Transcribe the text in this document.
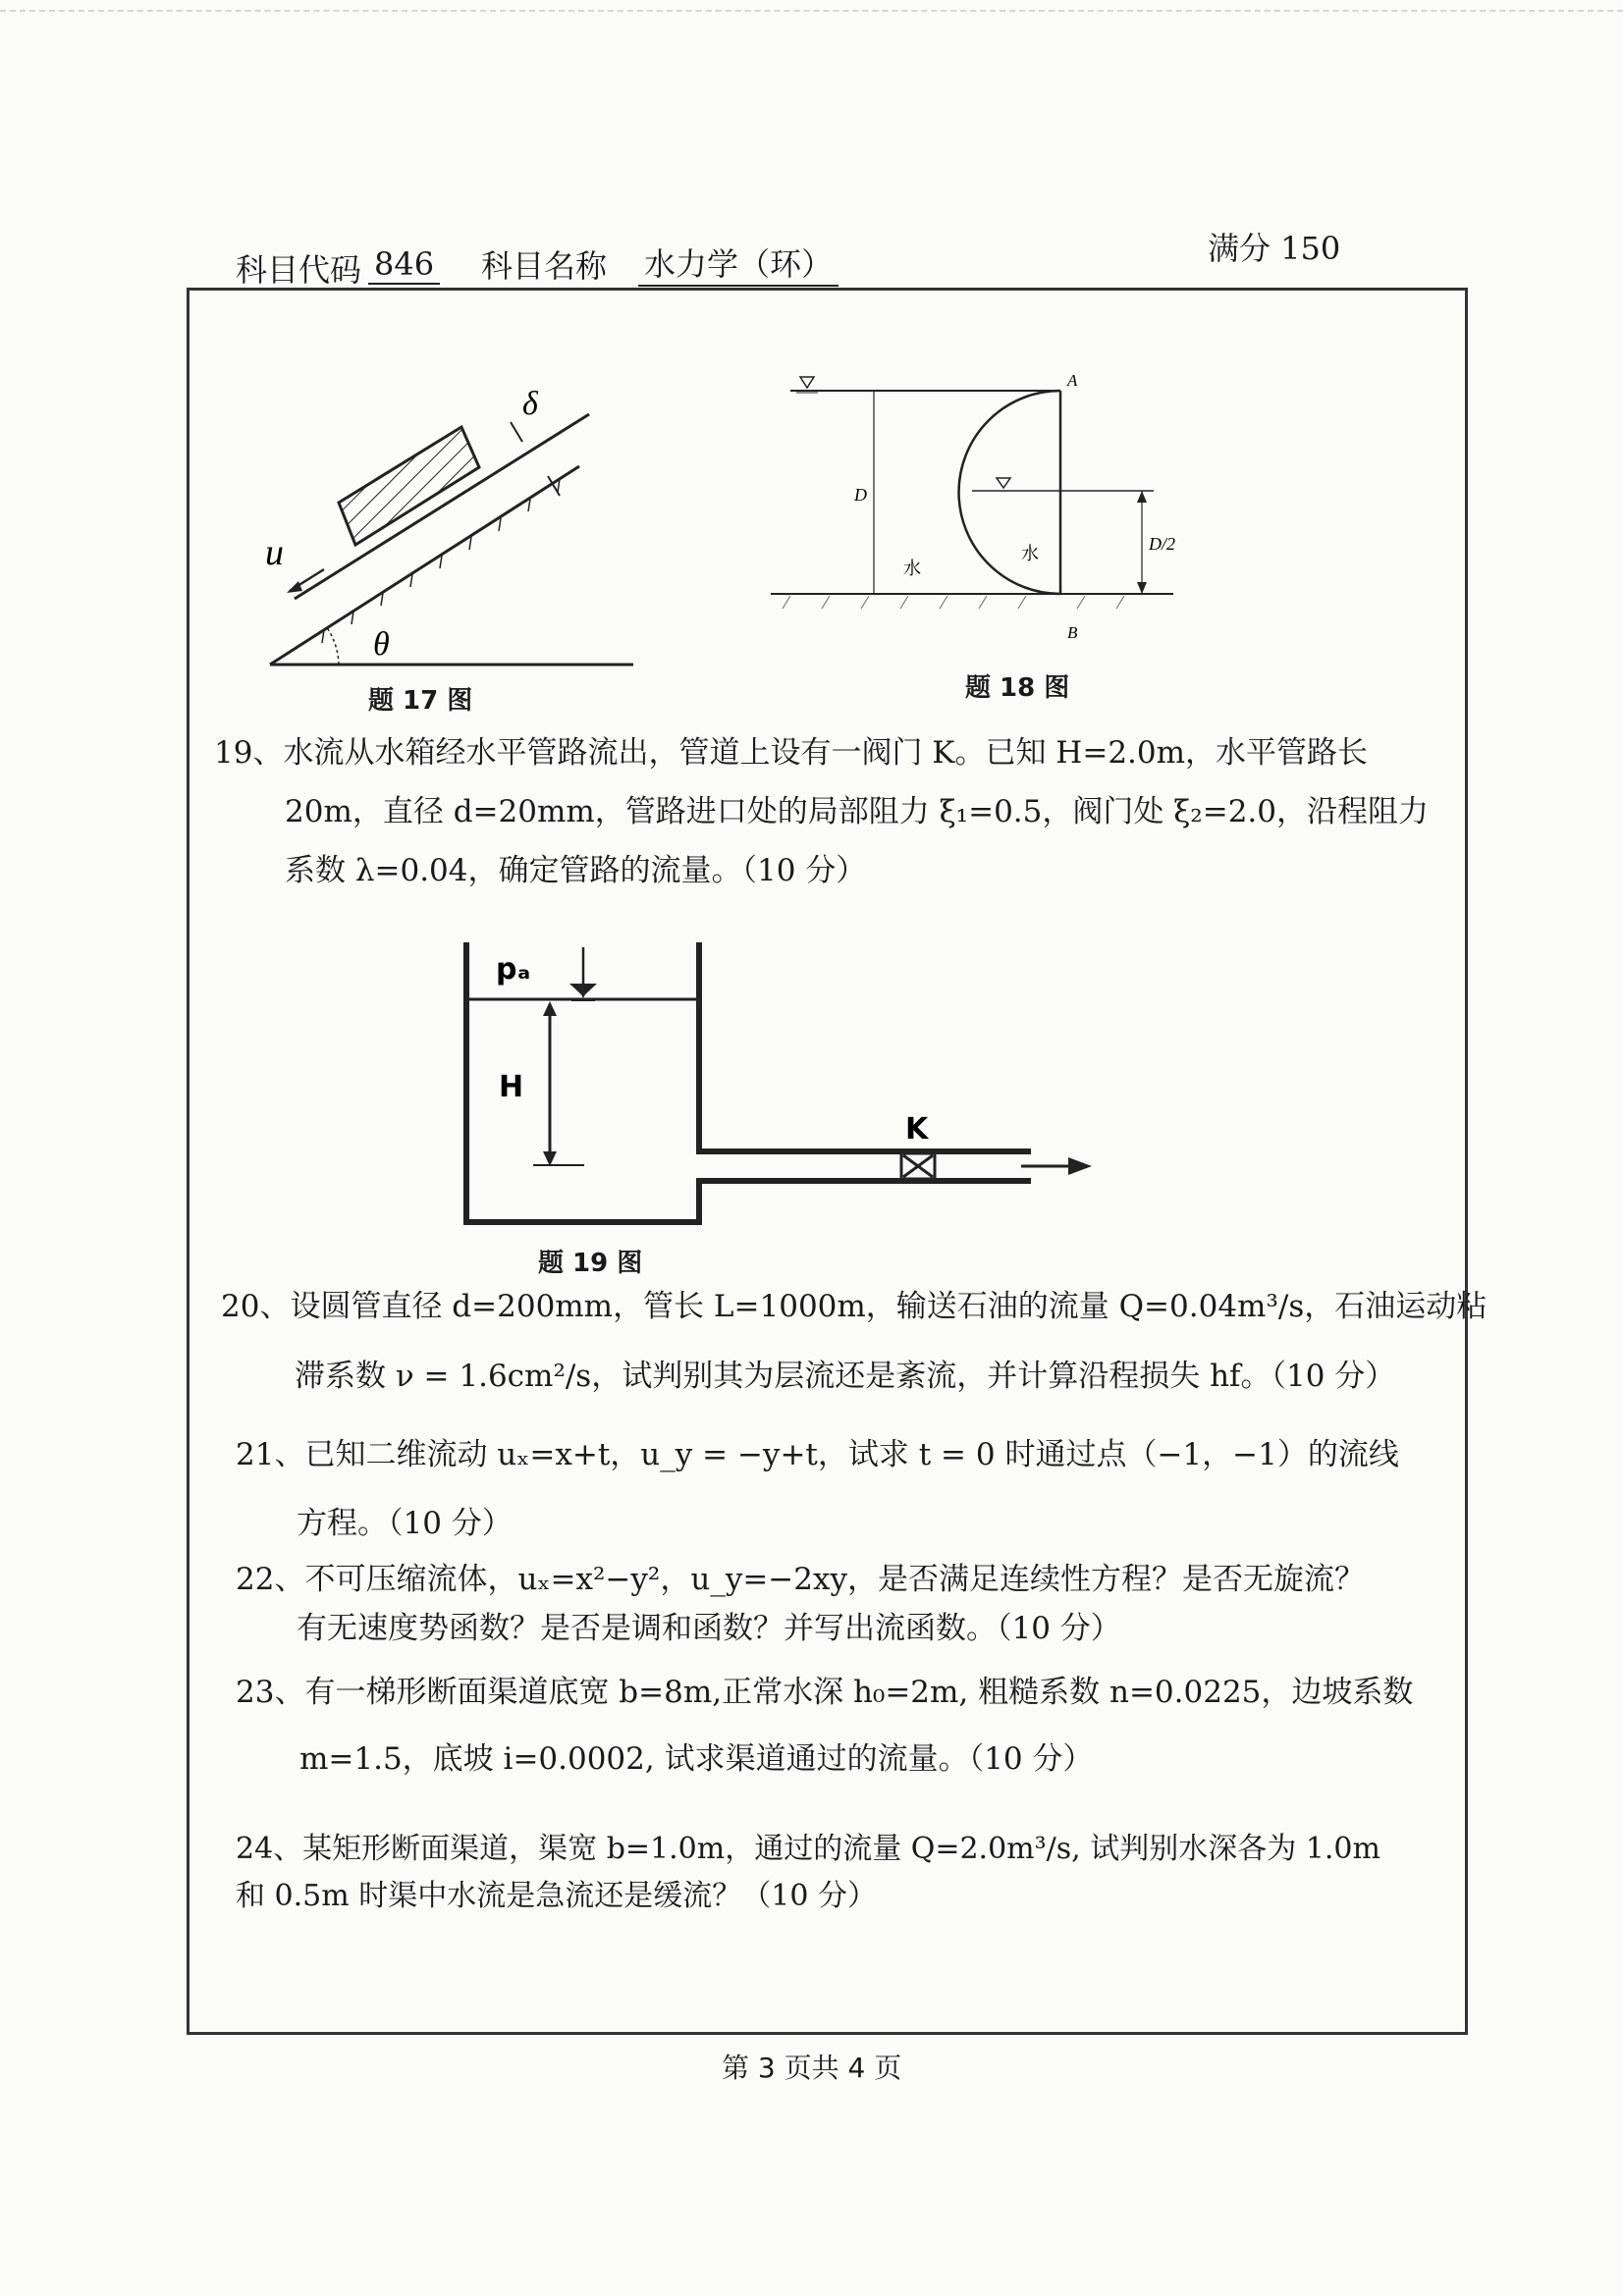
科目代码 846 科目名称 水力学（环）	满分 150
u
δ
θ
题 17 图
A
B
D
D/2
水
水
题 18 图
19、水流从水箱经水平管路流出，管道上设有一阀门 K。已知 H=2.0m，水平管路长
20m，直径 d=20mm，管路进口处的局部阻力 ξ₁=0.5，阀门处 ξ₂=2.0，沿程阻力
系数 λ=0.04，确定管路的流量。（10 分）
pₐ
H
K
题 19 图
20、设圆管直径 d=200mm，管长 L=1000m，输送石油的流量 Q=0.04m³/s，石油运动粘
滞系数 ν = 1.6cm²/s，试判别其为层流还是紊流，并计算沿程损失 hf。（10 分）
21、已知二维流动 uₓ=x+t，u_y = −y+t，试求 t = 0 时通过点（−1，−1）的流线
方程。（10 分）
22、不可压缩流体，uₓ=x²−y²，u_y=−2xy，是否满足连续性方程？是否无旋流？
有无速度势函数？是否是调和函数？并写出流函数。（10 分）
23、有一梯形断面渠道底宽 b=8m,正常水深 h₀=2m, 粗糙系数 n=0.0225，边坡系数
m=1.5，底坡 i=0.0002, 试求渠道通过的流量。（10 分）
24、某矩形断面渠道，渠宽 b=1.0m，通过的流量 Q=2.0m³/s, 试判别水深各为 1.0m
和 0.5m 时渠中水流是急流还是缓流？（10 分）
第 3 页共 4 页
